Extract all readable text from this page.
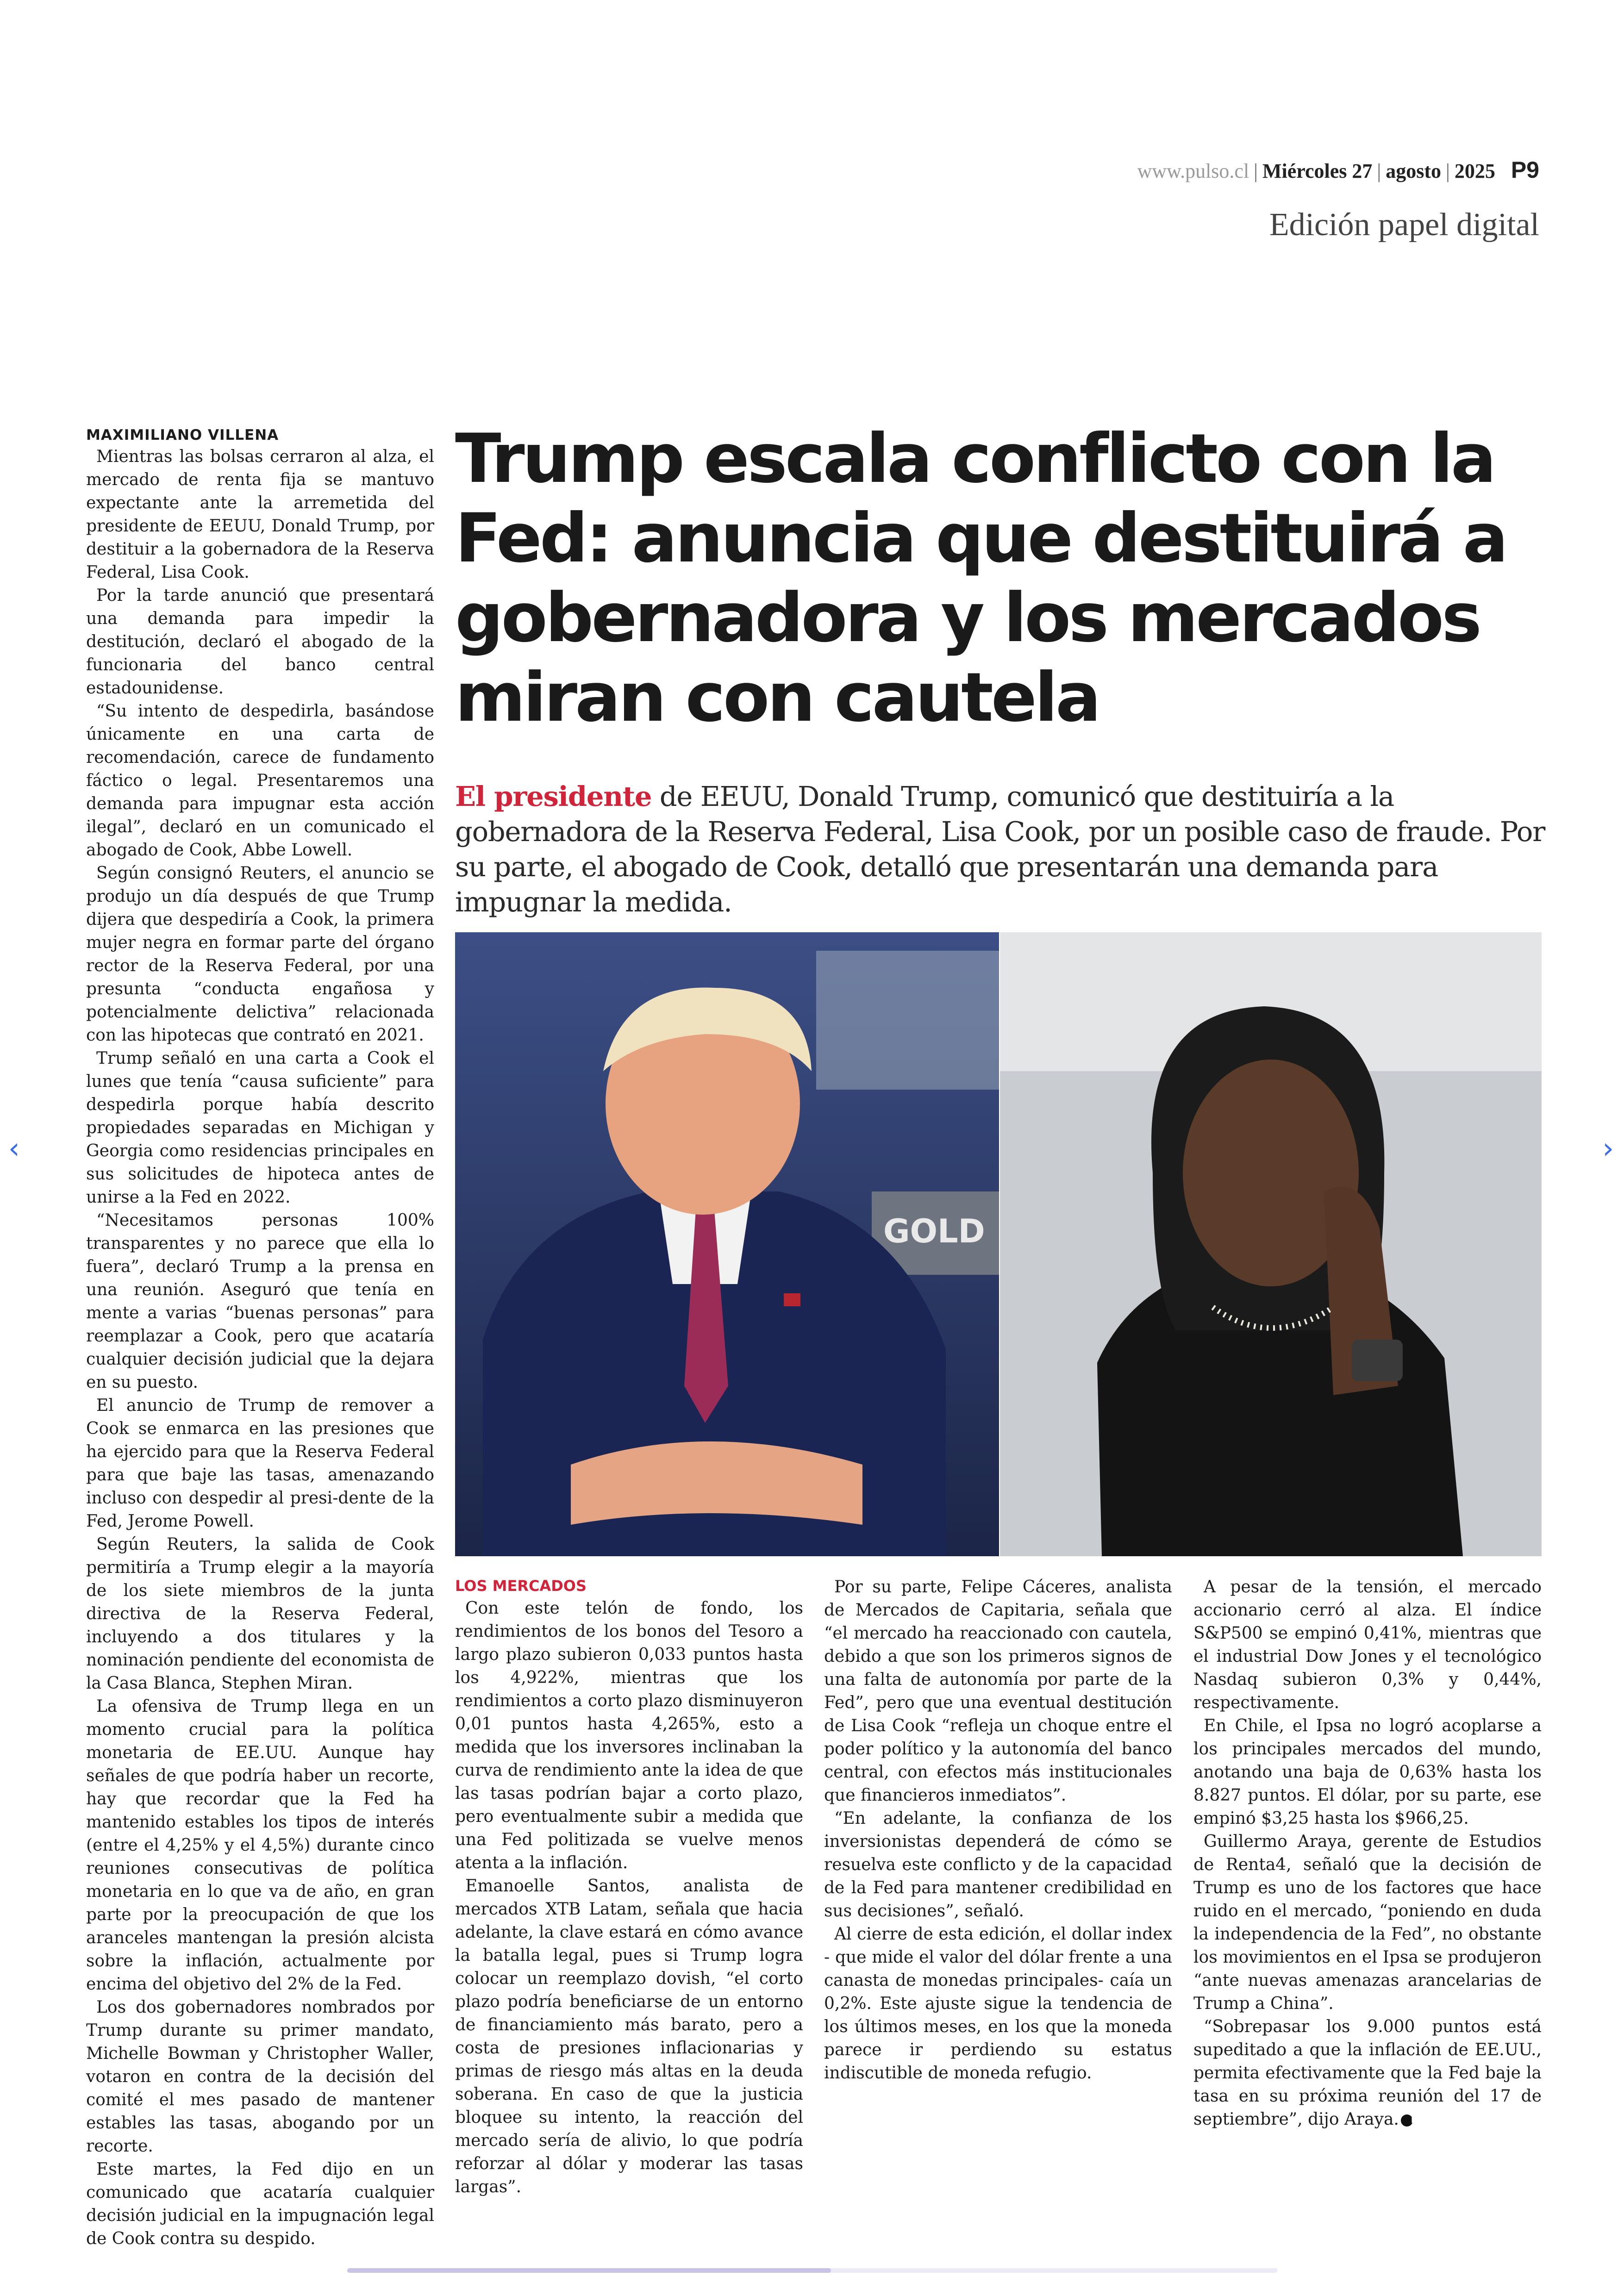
www.pulso.cl | Miércoles 27 | agosto | 2025 P9
Edición papel digital
MAXIMILIANO VILLENA

Mientras las bolsas cerraron al alza, el mercado de renta fija se mantuvo expectante ante la arremetida del presidente de EEUU, Donald Trump, por destituir a la gobernadora de la Reserva Federal, Lisa Cook.

Por la tarde anunció que presentará una demanda para impedir la destitución, declaró el abogado de la funcionaria del banco central estadounidense.

“Su intento de despedirla, basándose únicamente en una carta de recomendación, carece de fundamento fáctico o legal. Presentaremos una demanda para impugnar esta acción ilegal”, declaró en un comunicado el abogado de Cook, Abbe Lowell.

Según consignó Reuters, el anuncio se produjo un día después de que Trump dijera que despediría a Cook, la primera mujer negra en formar parte del órgano rector de la Reserva Federal, por una presunta “conducta engañosa y potencialmente delictiva” relacionada con las hipotecas que contrató en 2021.

Trump señaló en una carta a Cook el lunes que tenía “causa suficiente” para despedirla porque había descrito propiedades separadas en Michigan y Georgia como residencias principales en sus solicitudes de hipoteca antes de unirse a la Fed en 2022.

“Necesitamos personas 100% transparentes y no parece que ella lo fuera”, declaró Trump a la prensa en una reunión. Aseguró que tenía en mente a varias “buenas personas” para reemplazar a Cook, pero que acataría cualquier decisión judicial que la dejara en su puesto.

El anuncio de Trump de remover a Cook se enmarca en las presiones que ha ejercido para que la Reserva Federal para que baje las tasas, amenazando incluso con despedir al presi-dente de la Fed, Jerome Powell.

Según Reuters, la salida de Cook permitiría a Trump elegir a la mayoría de los siete miembros de la junta directiva de la Reserva Federal, incluyendo a dos titulares y la nominación pendiente del economista de la Casa Blanca, Stephen Miran.

La ofensiva de Trump llega en un momento crucial para la política monetaria de EE.UU. Aunque hay señales de que podría haber un recorte, hay que recordar que la Fed ha mantenido estables los tipos de interés (entre el 4,25% y el 4,5%) durante cinco reuniones consecutivas de política monetaria en lo que va de año, en gran parte por la preocupación de que los aranceles mantengan la presión alcista sobre la inflación, actualmente por encima del objetivo del 2% de la Fed.

Los dos gobernadores nombrados por Trump durante su primer mandato, Michelle Bowman y Christopher Waller, votaron en contra de la decisión del comité el mes pasado de mantener estables las tasas, abogando por un recorte.

Este martes, la Fed dijo en un comunicado que acataría cualquier decisión judicial en la impugnación legal de Cook contra su despido.

Trump escala conflicto con la Fed: anuncia que destituirá a gobernadora y los mercados miran con cautela

El presidente de EEUU, Donald Trump, comunicó que destituiría a la gobernadora de la Reserva Federal, Lisa Cook, por un posible caso de fraude. Por su parte, el abogado de Cook, detalló que presentarán una demanda para impugnar la medida.

GOLD
LOS MERCADOS

Con este telón de fondo, los rendimientos de los bonos del Tesoro a largo plazo subieron 0,033 puntos hasta los 4,922%, mientras que los rendimientos a corto plazo disminuyeron 0,01 puntos hasta 4,265%, esto a medida que los inversores inclinaban la curva de rendimiento ante la idea de que las tasas podrían bajar a corto plazo, pero eventualmente subir a medida que una Fed politizada se vuelve menos atenta a la inflación.

Emanoelle Santos, analista de mercados XTB Latam, señala que hacia adelante, la clave estará en cómo avance la batalla legal, pues si Trump logra colocar un reemplazo dovish, “el corto plazo podría beneficiarse de un entorno de financiamiento más barato, pero a costa de presiones inflacionarias y primas de riesgo más altas en la deuda soberana. En caso de que la justicia bloquee su intento, la reacción del mercado sería de alivio, lo que podría reforzar al dólar y moderar las tasas largas”.

Por su parte, Felipe Cáceres, analista de Mercados de Capitaria, señala que “el mercado ha reaccionado con cautela, debido a que son los primeros signos de una falta de autonomía por parte de la Fed”, pero que una eventual destitución de Lisa Cook “refleja un choque entre el poder político y la autonomía del banco central, con efectos más institucionales que financieros inmediatos”.

“En adelante, la confianza de los inversionistas dependerá de cómo se resuelva este conflicto y de la capacidad de la Fed para mantener credibilidad en sus decisiones”, señaló.

Al cierre de esta edición, el dollar index - que mide el valor del dólar frente a una canasta de monedas principales- caía un 0,2%. Este ajuste sigue la tendencia de los últimos meses, en los que la moneda parece ir perdiendo su estatus indiscutible de moneda refugio.

A pesar de la tensión, el mercado accionario cerró al alza. El índice S&P500 se empinó 0,41%, mientras que el industrial Dow Jones y el tecnológico Nasdaq subieron 0,3% y 0,44%, respectivamente.

En Chile, el Ipsa no logró acoplarse a los principales mercados del mundo, anotando una baja de 0,63% hasta los 8.827 puntos. El dólar, por su parte, ese empinó $3,25 hasta los $966,25.

Guillermo Araya, gerente de Estudios de Renta4, señaló que la decisión de Trump es uno de los factores que hace ruido en el mercado, “poniendo en duda la independencia de la Fed”, no obstante los movimientos en el Ipsa se produjeron “ante nuevas amenazas arancelarias de Trump a China”.

“Sobrepasar los 9.000 puntos está supeditado a que la inflación de EE.UU., permita efectivamente que la Fed baje la tasa en su próxima reunión del 17 de septiembre”, dijo Araya. P

‹	›
